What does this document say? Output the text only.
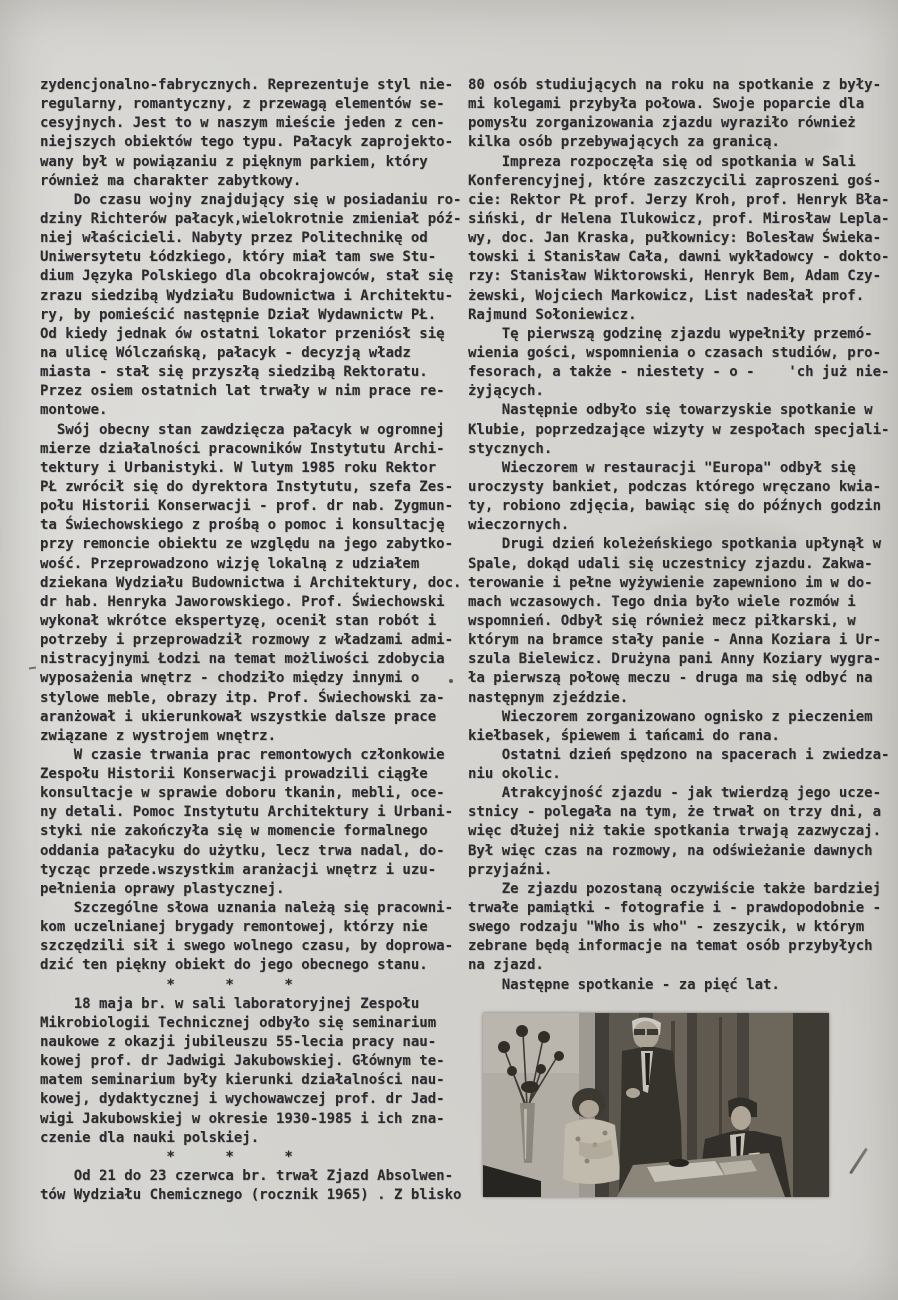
zydencjonalno-fabrycznych. Reprezentuje styl nie-
regularny, romantyczny, z przewagą elementów se-
cesyjnych. Jest to w naszym mieście jeden z cen-
niejszych obiektów tego typu. Pałacyk zaprojekto-
wany był w powiązaniu z pięknym parkiem, który
również ma charakter zabytkowy.
Do czasu wojny znajdujący się w posiadaniu ro-
dziny Richterów pałacyk,wielokrotnie zmieniał póź-
niej właścicieli. Nabyty przez Politechnikę od
Uniwersytetu Łódzkiego, który miał tam swe Stu-
dium Języka Polskiego dla obcokrajowców, stał się
zrazu siedzibą Wydziału Budownictwa i Architektu-
ry, by pomieścić następnie Dział Wydawnictw PŁ.
Od kiedy jednak ów ostatni lokator przeniósł się
na ulicę Wólczańską, pałacyk - decyzją władz
miasta - stał się przyszłą siedzibą Rektoratu.
Przez osiem ostatnich lat trwały w nim prace re-
montowe.
Swój obecny stan zawdzięcza pałacyk w ogromnej
mierze działalności pracowników Instytutu Archi-
tektury i Urbanistyki. W lutym 1985 roku Rektor
PŁ zwrócił się do dyrektora Instytutu, szefa Zes-
połu Historii Konserwacji - prof. dr nab. Zygmun-
ta Świechowskiego z prośbą o pomoc i konsultację
przy remoncie obiektu ze względu na jego zabytko-
wość. Przeprowadzono wizję lokalną z udziałem
dziekana Wydziału Budownictwa i Architektury, doc.
dr hab. Henryka Jaworowskiego. Prof. Świechowski
wykonał wkrótce ekspertyzę, ocenił stan robót i
potrzeby i przeprowadził rozmowy z władzami admi-
nistracyjnymi Łodzi na temat możliwości zdobycia
wyposażenia wnętrz - chodziło między innymi o
stylowe meble, obrazy itp. Prof. Świechowski za-
aranżował i ukierunkował wszystkie dalsze prace
związane z wystrojem wnętrz.
W czasie trwania prac remontowych członkowie
Zespołu Historii Konserwacji prowadzili ciągłe
konsultacje w sprawie doboru tkanin, mebli, oce-
ny detali. Pomoc Instytutu Architektury i Urbani-
styki nie zakończyła się w momencie formalnego
oddania pałacyku do użytku, lecz trwa nadal, do-
tycząc przede.wszystkim aranżacji wnętrz i uzu-
pełnienia oprawy plastycznej.
Szczególne słowa uznania należą się pracowni-
kom uczelnianej brygady remontowej, którzy nie
szczędzili sił i swego wolnego czasu, by doprowa-
dzić ten piękny obiekt do jego obecnego stanu.
*      *      *
18 maja br. w sali laboratoryjnej Zespołu
Mikrobiologii Technicznej odbyło się seminarium
naukowe z okazji jubileuszu 55-lecia pracy nau-
kowej prof. dr Jadwigi Jakubowskiej. Głównym te-
matem seminarium były kierunki działalności nau-
kowej, dydaktycznej i wychowawczej prof. dr Jad-
wigi Jakubowskiej w okresie 1930-1985 i ich zna-
czenie dla nauki polskiej.
*      *      *
Od 21 do 23 czerwca br. trwał Zjazd Absolwen-
tów Wydziału Chemicznego (rocznik 1965) . Z blisko
80 osób studiujących na roku na spotkanie z były-
mi kolegami przybyła połowa. Swoje poparcie dla
pomysłu zorganizowania zjazdu wyraziło również
kilka osób przebywających za granicą.
Impreza rozpoczęła się od spotkania w Sali
Konferencyjnej, które zaszczycili zaproszeni goś-
cie: Rektor PŁ prof. Jerzy Kroh, prof. Henryk Bła-
siński, dr Helena Ilukowicz, prof. Mirosław Lepla-
wy, doc. Jan Kraska, pułkownicy: Bolesław Świeka-
towski i Stanisław Cała, dawni wykładowcy - dokto-
rzy: Stanisław Wiktorowski, Henryk Bem, Adam Czy-
żewski, Wojciech Markowicz, List nadesłał prof.
Rajmund Sołoniewicz.
Tę pierwszą godzinę zjazdu wypełniły przemó-
wienia gości, wspomnienia o czasach studiów, pro-
fesorach, a także - niestety - o -    'ch już nie-
żyjących.
Następnie odbyło się towarzyskie spotkanie w
Klubie, poprzedzające wizyty w zespołach specjali-
stycznych.
Wieczorem w restauracji "Europa" odbył się
uroczysty bankiet, podczas którego wręczano kwia-
ty, robiono zdjęcia, bawiąc się do późnych godzin
wieczornych.
Drugi dzień koleżeńskiego spotkania upłynął w
Spale, dokąd udali się uczestnicy zjazdu. Zakwa-
terowanie i pełne wyżywienie zapewniono im w do-
mach wczasowych. Tego dnia było wiele rozmów i
wspomnień. Odbył się również mecz piłkarski, w
którym na bramce stały panie - Anna Koziara i Ur-
szula Bielewicz. Drużyna pani Anny Koziary wygra-
ła pierwszą połowę meczu - druga ma się odbyć na
następnym zjeździe.
Wieczorem zorganizowano ognisko z pieczeniem
kiełbasek, śpiewem i tańcami do rana.
Ostatni dzień spędzono na spacerach i zwiedza-
niu okolic.
Atrakcyjność zjazdu - jak twierdzą jego ucze-
stnicy - polegała na tym, że trwał on trzy dni, a
więc dłużej niż takie spotkania trwają zazwyczaj.
Był więc czas na rozmowy, na odświeżanie dawnych
przyjaźni.
Ze zjazdu pozostaną oczywiście także bardziej
trwałe pamiątki - fotografie i - prawdopodobnie -
swego rodzaju "Who is who" - zeszycik, w którym
zebrane będą informacje na temat osób przybyłych
na zjazd.
Następne spotkanie - za pięć lat.
